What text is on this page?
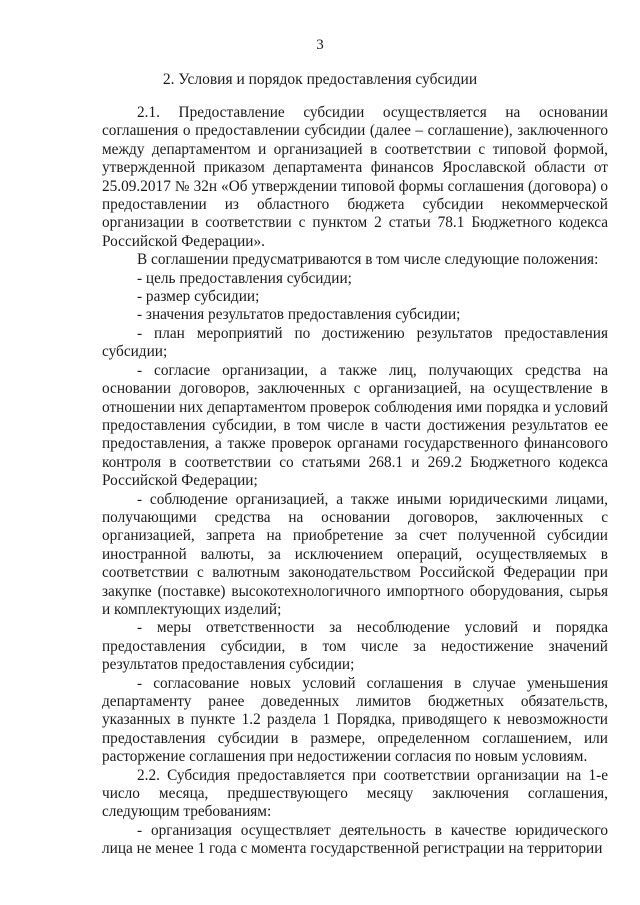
3
2. Условия и порядок предоставления субсидии

2.1. Предоставление субсидии осуществляется на основании соглашения о предоставлении субсидии (далее – соглашение), заключенного между департаментом и организацией в соответствии с типовой формой, утвержденной приказом департамента финансов Ярославской области от 25.09.2017 № 32н «Об утверждении типовой формы соглашения (договора) о предоставлении из областного бюджета субсидии некоммерческой организации в соответствии с пунктом 2 статьи 78.1 Бюджетного кодекса Российской Федерации».

В соглашении предусматриваются в том числе следующие положения:

- цель предоставления субсидии;

- размер субсидии;

- значения результатов предоставления субсидии;

- план мероприятий по достижению результатов предоставления субсидии;

- согласие организации, а также лиц, получающих средства на основании договоров, заключенных с организацией, на осуществление в отношении них департаментом проверок соблюдения ими порядка и условий предоставления субсидии, в том числе в части достижения результатов ее предоставления, а также проверок органами государственного финансового контроля в соответствии со статьями 268.1 и 269.2 Бюджетного кодекса Российской Федерации;

- соблюдение организацией, а также иными юридическими лицами, получающими средства на основании договоров, заключенных с организацией, запрета на приобретение за счет полученной субсидии иностранной валюты, за исключением операций, осуществляемых в соответствии с валютным законодательством Российской Федерации при закупке (поставке) высокотехнологичного импортного оборудования, сырья и комплектующих изделий;

- меры ответственности за несоблюдение условий и порядка предоставления субсидии, в том числе за недостижение значений результатов предоставления субсидии;

- согласование новых условий соглашения в случае уменьшения департаменту ранее доведенных лимитов бюджетных обязательств, указанных в пункте 1.2 раздела 1 Порядка, приводящего к невозможности предоставления субсидии в размере, определенном соглашением, или расторжение соглашения при недостижении согласия по новым условиям.

2.2. Субсидия предоставляется при соответствии организации на 1-е число месяца, предшествующего месяцу заключения соглашения, следующим требованиям:

- организация осуществляет деятельность в качестве юридического лица не менее 1 года с момента государственной регистрации на территории
